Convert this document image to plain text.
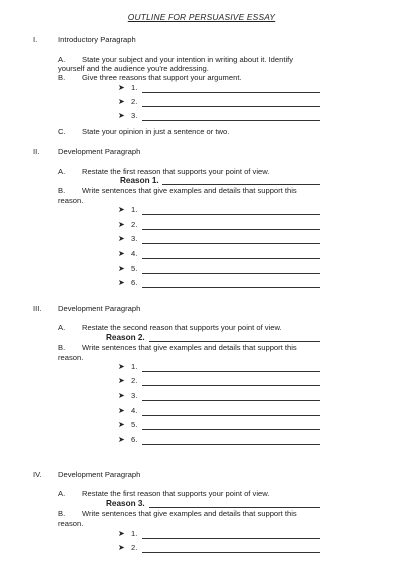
OUTLINE FOR PERSUASIVE ESSAY
I.	Introductory Paragraph
A. State your subject and your intention in writing about it. Identify
yourself and the audience you're addressing.
B. Give three reasons that support your argument.
➤ 1.
➤ 2.
➤ 3.
C. State your opinion in just a sentence or two.
II. Development Paragraph
A. Restate the first reason that supports your point of view.
Reason 1.
B. Write sentences that give examples and details that support this
reason.
➤ 1.
➤ 2.
➤ 3.
➤ 4.
➤ 5.
➤ 6.
III. Development Paragraph
A. Restate the second reason that supports your point of view.
Reason 2.
B. Write sentences that give examples and details that support this
reason.
➤ 1.
➤ 2.
➤ 3.
➤ 4.
➤ 5.
➤ 6.
IV. Development Paragraph
A. Restate the first reason that supports your point of view.
Reason 3.
B. Write sentences that give examples and details that support this
reason.
➤ 1.
➤ 2.
